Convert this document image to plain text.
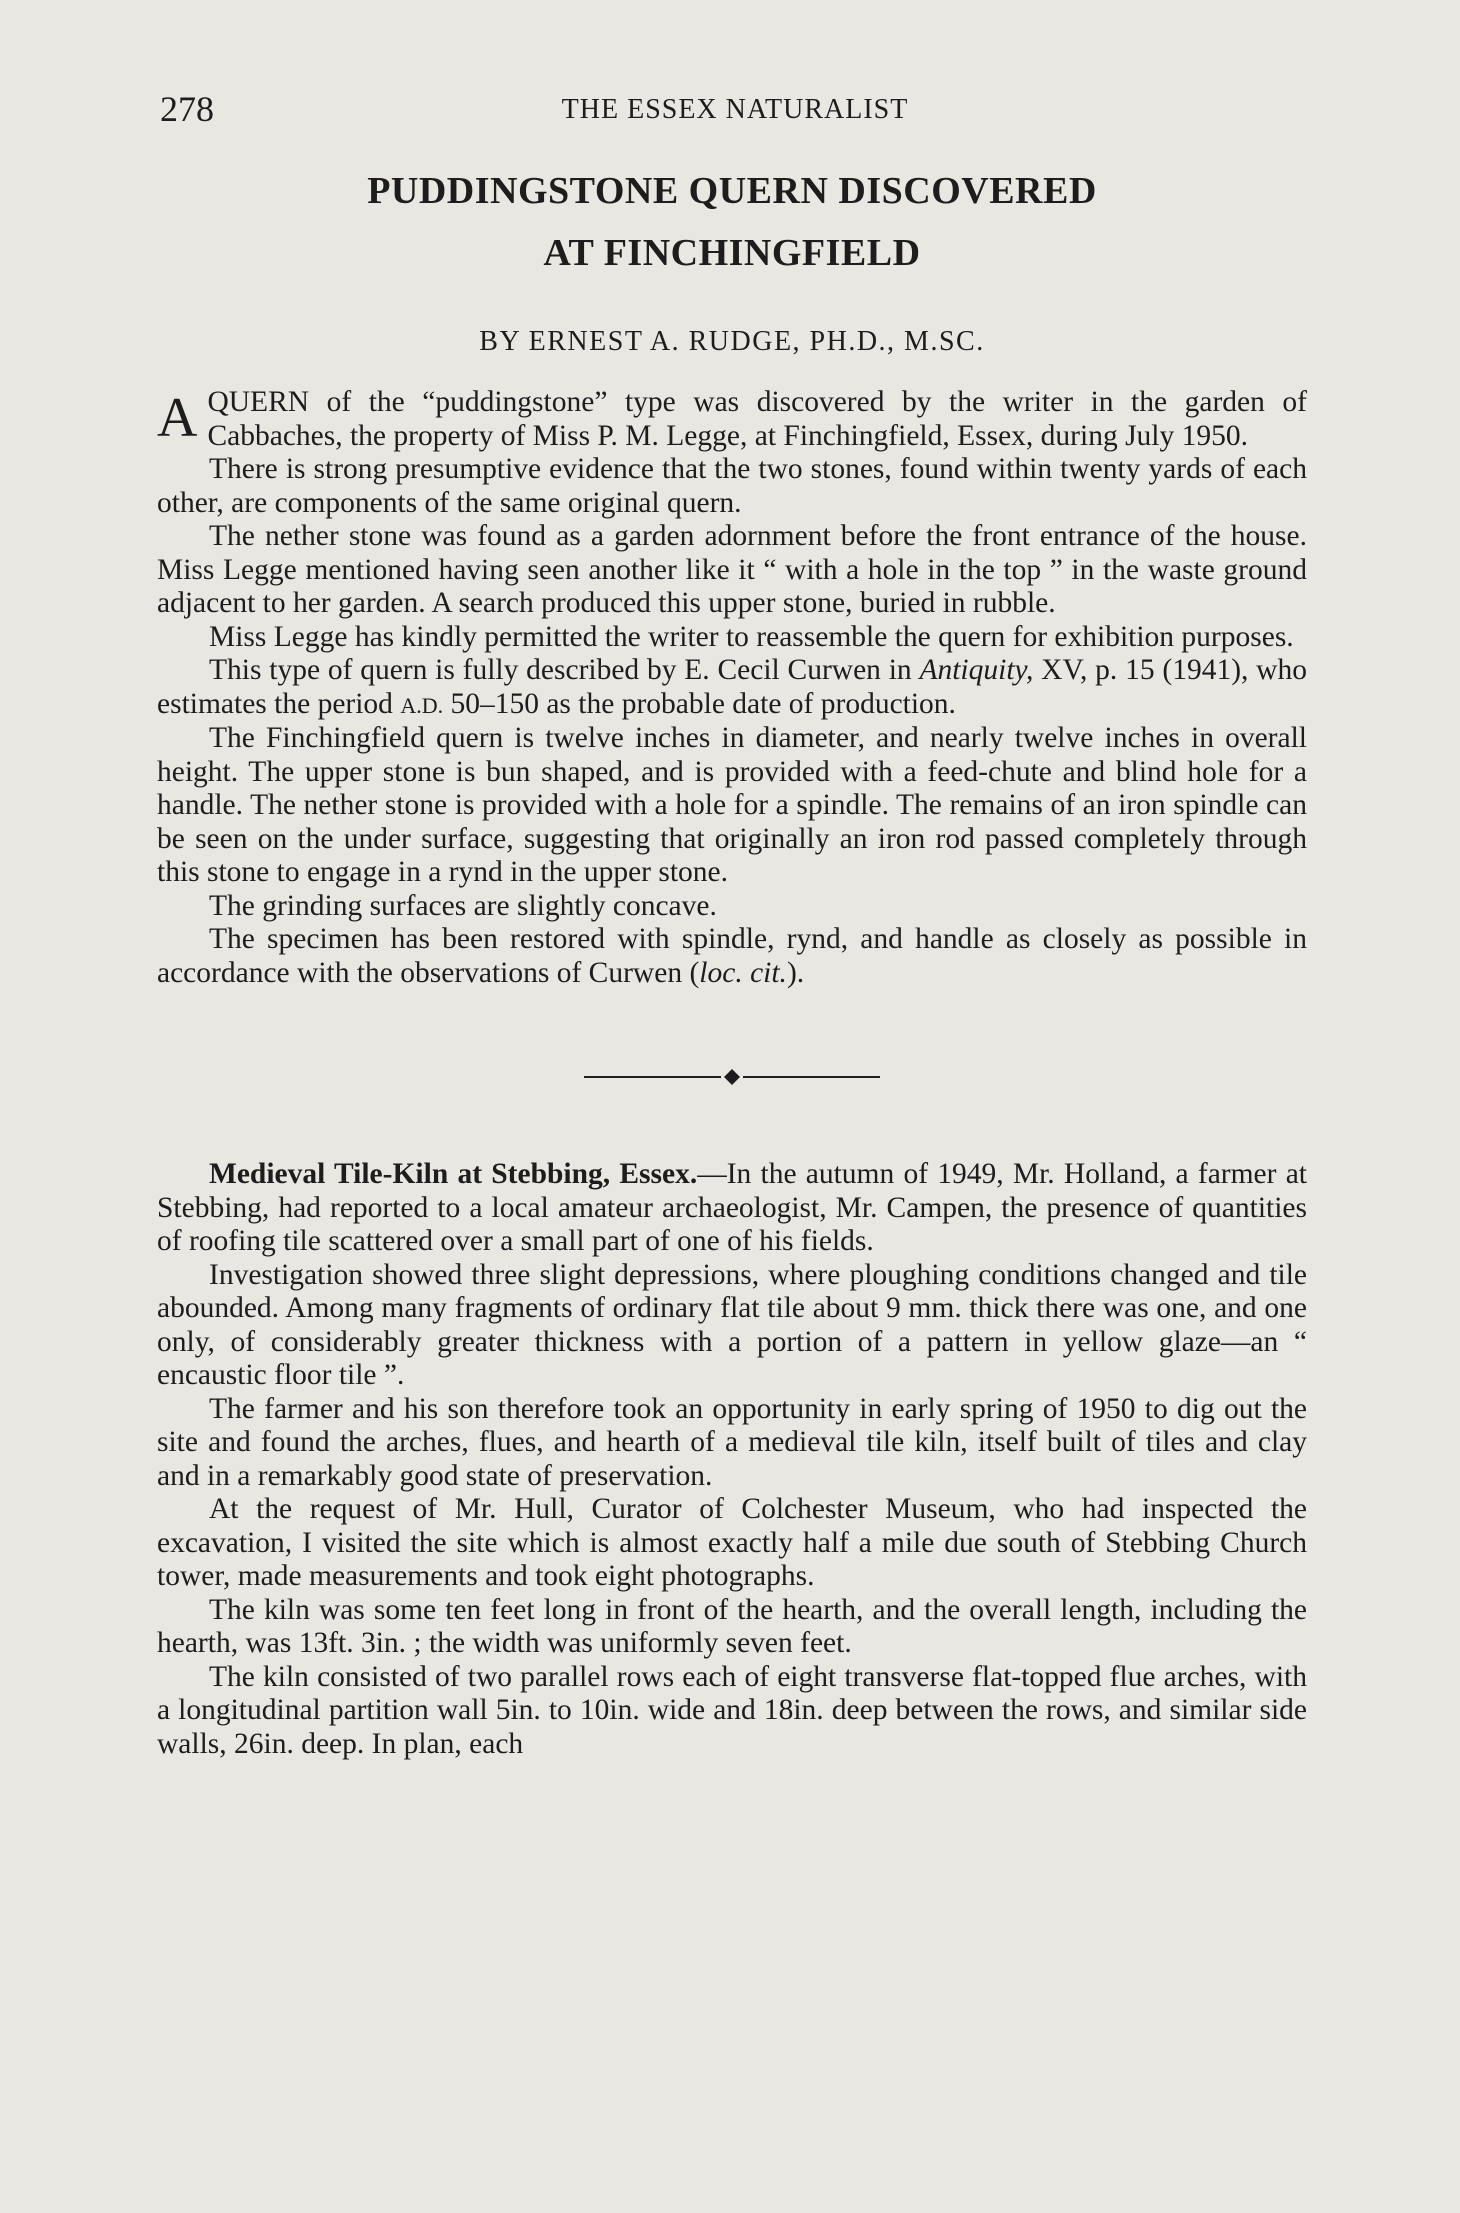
278	THE ESSEX NATURALIST
PUDDINGSTONE QUERN DISCOVERED
AT FINCHINGFIELD
BY ERNEST A. RUDGE, PH.D., M.SC.

AQUERN of the “puddingstone” type was discovered by the writer in the garden of Cabbaches, the property of Miss P. M. Legge, at Finchingfield, Essex, during July 1950.

There is strong presumptive evidence that the two stones, found within twenty yards of each other, are components of the same original quern.

The nether stone was found as a garden adornment before the front entrance of the house. Miss Legge mentioned having seen another like it “ with a hole in the top ” in the waste ground adjacent to her garden. A search produced this upper stone, buried in rubble.

Miss Legge has kindly permitted the writer to reassemble the quern for exhibition purposes.

This type of quern is fully described by E. Cecil Curwen in Antiquity, XV, p. 15 (1941), who estimates the period A.D. 50–150 as the probable date of production.

The Finchingfield quern is twelve inches in diameter, and nearly twelve inches in overall height. The upper stone is bun shaped, and is provided with a feed-chute and blind hole for a handle. The nether stone is provided with a hole for a spindle. The remains of an iron spindle can be seen on the under surface, suggesting that originally an iron rod passed completely through this stone to engage in a rynd in the upper stone.

The grinding surfaces are slightly concave.

The specimen has been restored with spindle, rynd, and handle as closely as possible in accordance with the observations of Curwen (loc. cit.).

Medieval Tile-Kiln at Stebbing, Essex.—In the autumn of 1949, Mr. Holland, a farmer at Stebbing, had reported to a local amateur archaeologist, Mr. Campen, the presence of quantities of roofing tile scattered over a small part of one of his fields.

Investigation showed three slight depressions, where ploughing conditions changed and tile abounded. Among many fragments of ordinary flat tile about 9 mm. thick there was one, and one only, of considerably greater thickness with a portion of a pattern in yellow glaze—an “ encaustic floor tile ”.

The farmer and his son therefore took an opportunity in early spring of 1950 to dig out the site and found the arches, flues, and hearth of a medieval tile kiln, itself built of tiles and clay and in a remarkably good state of preservation.

At the request of Mr. Hull, Curator of Colchester Museum, who had inspected the excavation, I visited the site which is almost exactly half a mile due south of Stebbing Church tower, made measurements and took eight photographs.

The kiln was some ten feet long in front of the hearth, and the overall length, including the hearth, was 13ft. 3in. ; the width was uniformly seven feet.

The kiln consisted of two parallel rows each of eight transverse flat-topped flue arches, with a longitudinal partition wall 5in. to 10in. wide and 18in. deep between the rows, and similar side walls, 26in. deep. In plan, each
